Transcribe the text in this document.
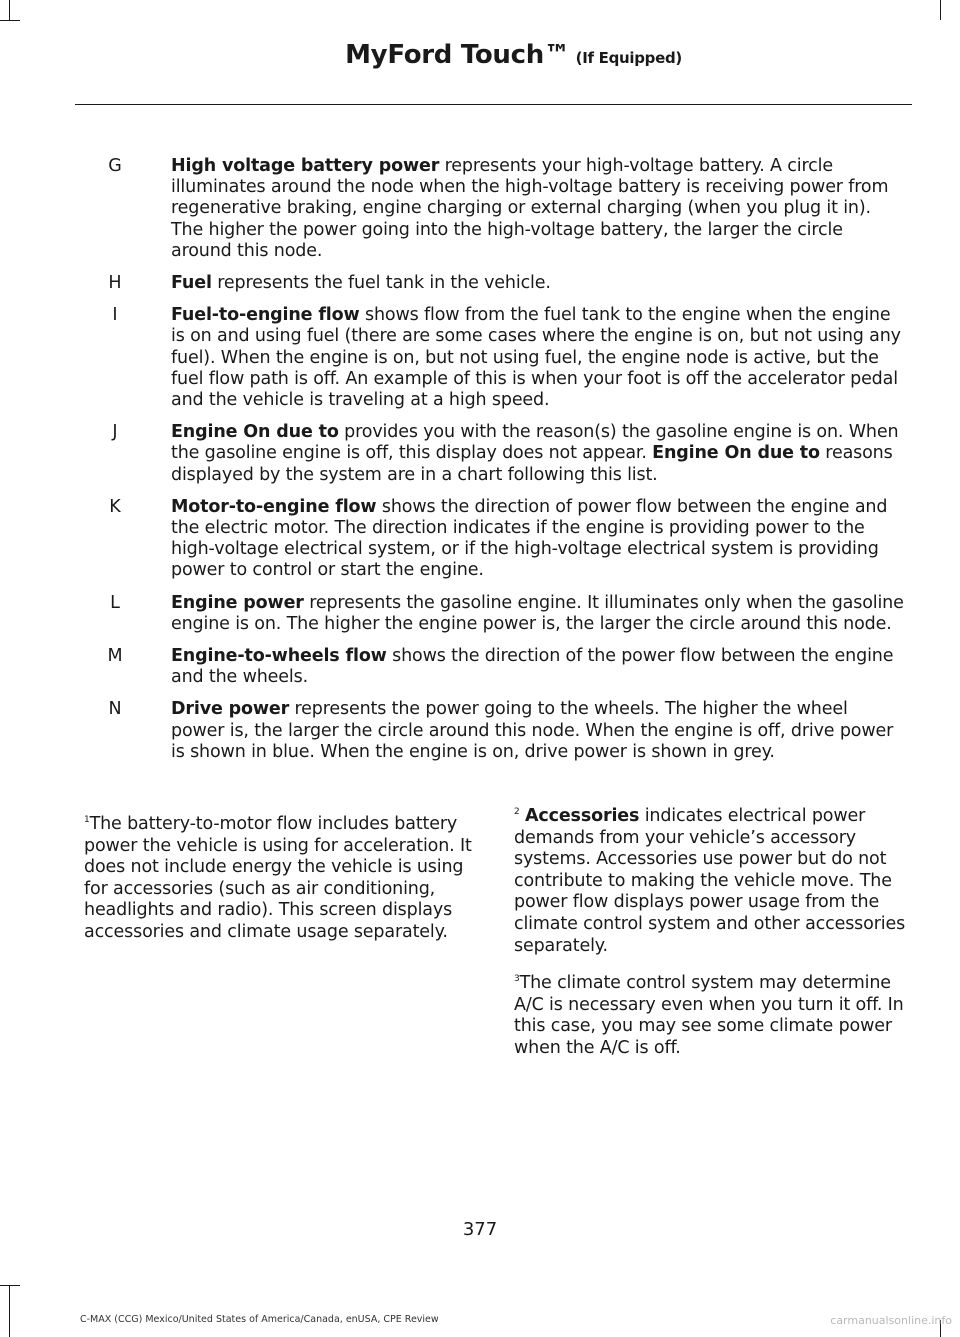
MyFord Touch™ (If Equipped)
G	High voltage battery power represents your high-voltage battery. A circle illuminates around the node when the high-voltage battery is receiving power from regenerative braking, engine charging or external charging (when you plug it in). The higher the power going into the high-voltage battery, the larger the circle around this node.
H	Fuel represents the fuel tank in the vehicle.
I	Fuel-to-engine flow shows flow from the fuel tank to the engine when the engine is on and using fuel (there are some cases where the engine is on, but not using any fuel). When the engine is on, but not using fuel, the engine node is active, but the fuel flow path is off. An example of this is when your foot is off the accelerator pedal and the vehicle is traveling at a high speed.
J	Engine On due to provides you with the reason(s) the gasoline engine is on. When the gasoline engine is off, this display does not appear. Engine On due to reasons displayed by the system are in a chart following this list.
K	Motor-to-engine flow shows the direction of power flow between the engine and the electric motor. The direction indicates if the engine is providing power to the high-voltage electrical system, or if the high-voltage electrical system is providing power to control or start the engine.
L	Engine power represents the gasoline engine. It illuminates only when the gasoline engine is on. The higher the engine power is, the larger the circle around this node.
M	Engine-to-wheels flow shows the direction of the power flow between the engine and the wheels.
N	Drive power represents the power going to the wheels. The higher the wheel power is, the larger the circle around this node. When the engine is off, drive power is shown in blue. When the engine is on, drive power is shown in grey.

$^1$The battery-to-motor flow includes battery power the vehicle is using for acceleration. It does not include energy the vehicle is using for accessories (such as air conditioning, headlights and radio). This screen displays accessories and climate usage separately.

$^2$ Accessories indicates electrical power demands from your vehicle’s accessory systems. Accessories use power but do not contribute to making the vehicle move. The power flow displays power usage from the climate control system and other accessories separately.

$^3$The climate control system may determine A/C is necessary even when you turn it off. In this case, you may see some climate power when the A/C is off.

377
C-MAX (CCG) Mexico/United States of America/Canada, enUSA, CPE Review	carmanualsonline.info
